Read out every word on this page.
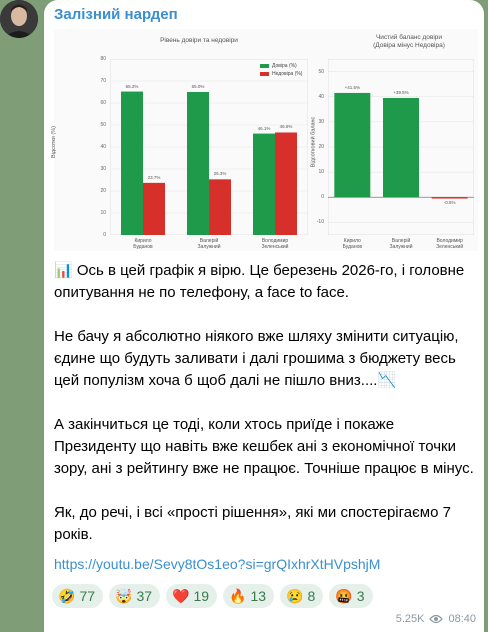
Залізний нардеп
Рівень довіри та недовіри
Відсотки (%)
0
10
20
30
40
50
60
70
80
65.2%
23.7%
65.0%
25.3%
46.1%	46.6%
Кирило
Буданов
Валерій
Залужний
Володимир
Зеленський
Довіра (%)
Недовіра (%)
Чистий баланс довіри
(Довіра мінус Недовіра)
Відсотковий баланс
-10
0
10
20
30
40
50
+41.5%
+39.5%
-0.5%
Кирило
Буданов
Валерій
Залужний
Володимир
Зеленський

📊 Ось в цей графік я вірю. Це березень 2026-го, і головне опитування не по телефону, а face to face.

Не бачу я абсолютно ніякого вже шляху змінити ситуацію, єдине що будуть заливати і далі грошима з бюджету весь цей популізм хоча б щоб далі не пішло вниз....📉

А закінчиться це тоді, коли хтось приїде і покаже Президенту що навіть вже кешбек ані з економічної точки зору, ані з рейтингу вже не працює. Точніше працює в мінус.

Як, до речі, і всі «прості рішення», які ми спостерігаємо 7 років.

https://youtu.be/Sevy8tOs1eo?si=grQIxhrXtHVpshjM
🤣 77 🤯 37 ❤️ 19 🔥 13 😢 8 🤬 3
5.25K 08:40
